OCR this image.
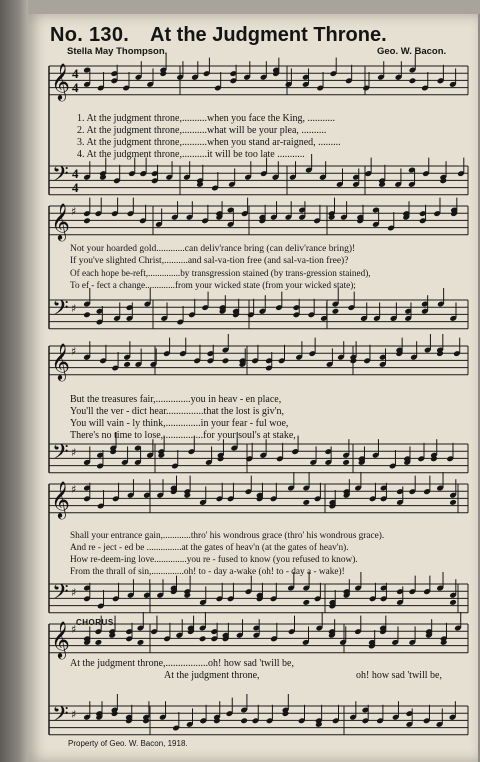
No. 130. At the Judgment Throne.
Stella May Thompson.	Geo. W. Bacon.
𝄞
𝄢
𝄞
𝄢
♯
♯
𝄞
𝄢
♯
♯
𝄞
𝄢
♯
♯
𝄞
𝄢
♯
♯
4
4
4
4
1. At the judgment throne,..........when you face the King, ...........
2. At the judgment throne,..........what will be your plea, ..........
3. At the judgment throne,..........when you stand ar-raigned, .........
4. At the judgment throne,..........it will be too late ...........
Not your hoarded gold............can deliv'rance bring (can deliv'rance bring)!
If you've slighted Christ,..........and sal-va-tion free (and sal-va-tion free)?
Of each hope be-reft,..............by transgression stained (by trans-gression stained),
To ef - fect a change.............from your wicked state (from your wicked state);
But the treasures fair,..............you in heav - en place,
You'll the ver - dict hear...............that the lost is giv'n,
You will vain - ly think,..............in your fear - ful woe,
There's no time to lose,................for your soul's at stake,
Shall your entrance gain,............thro' his wondrous grace (thro' his wondrous grace).
And re - ject - ed be ...............at the gates of heav'n (at the gates of heav'n).
How re-deem-ing love..............you re - fused to know (you refused to know).
From the thrall of sin,..............oh! to - day a-wake (oh! to - day a - wake)!
CHORUS.
At the judgment throne,.................oh! how sad 'twill be,
At the judgment throne,	oh! how sad 'twill be,
Property of Geo. W. Bacon, 1918.
